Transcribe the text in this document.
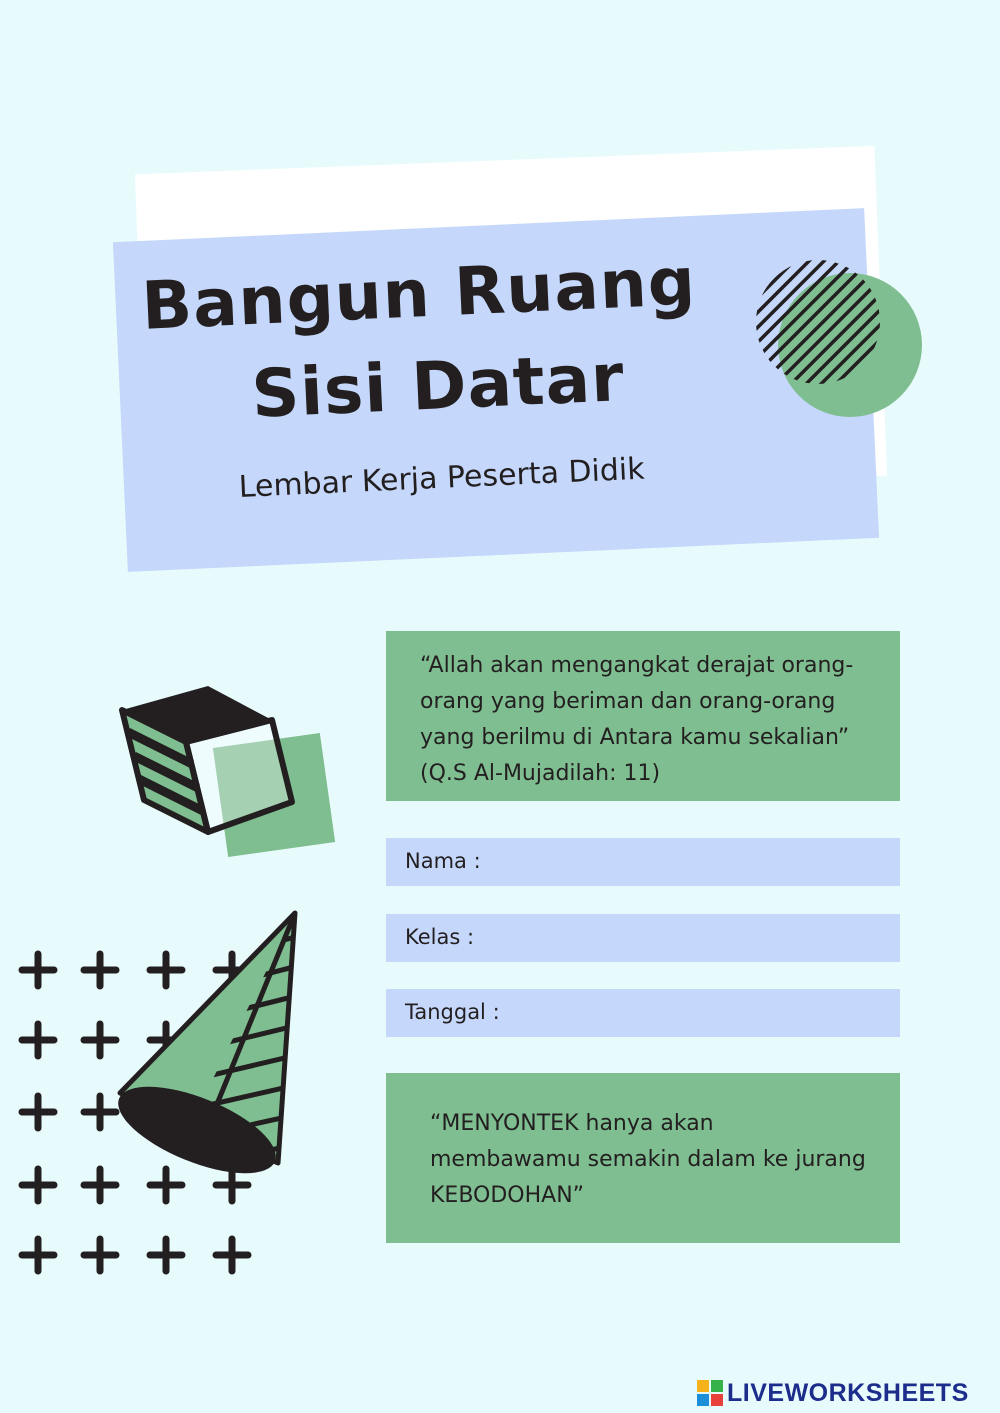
Bangun Ruang
Sisi Datar
Lembar Kerja Peserta Didik
“Allah akan mengangkat derajat orang-orang yang beriman dan orang-orang yang berilmu di Antara kamu sekalian” (Q.S Al-Mujadilah: 11)
Nama :
Kelas :
Tanggal :
“MENYONTEK hanya akan membawamu semakin dalam ke jurang KEBODOHAN”
LIVEWORKSHEETS
